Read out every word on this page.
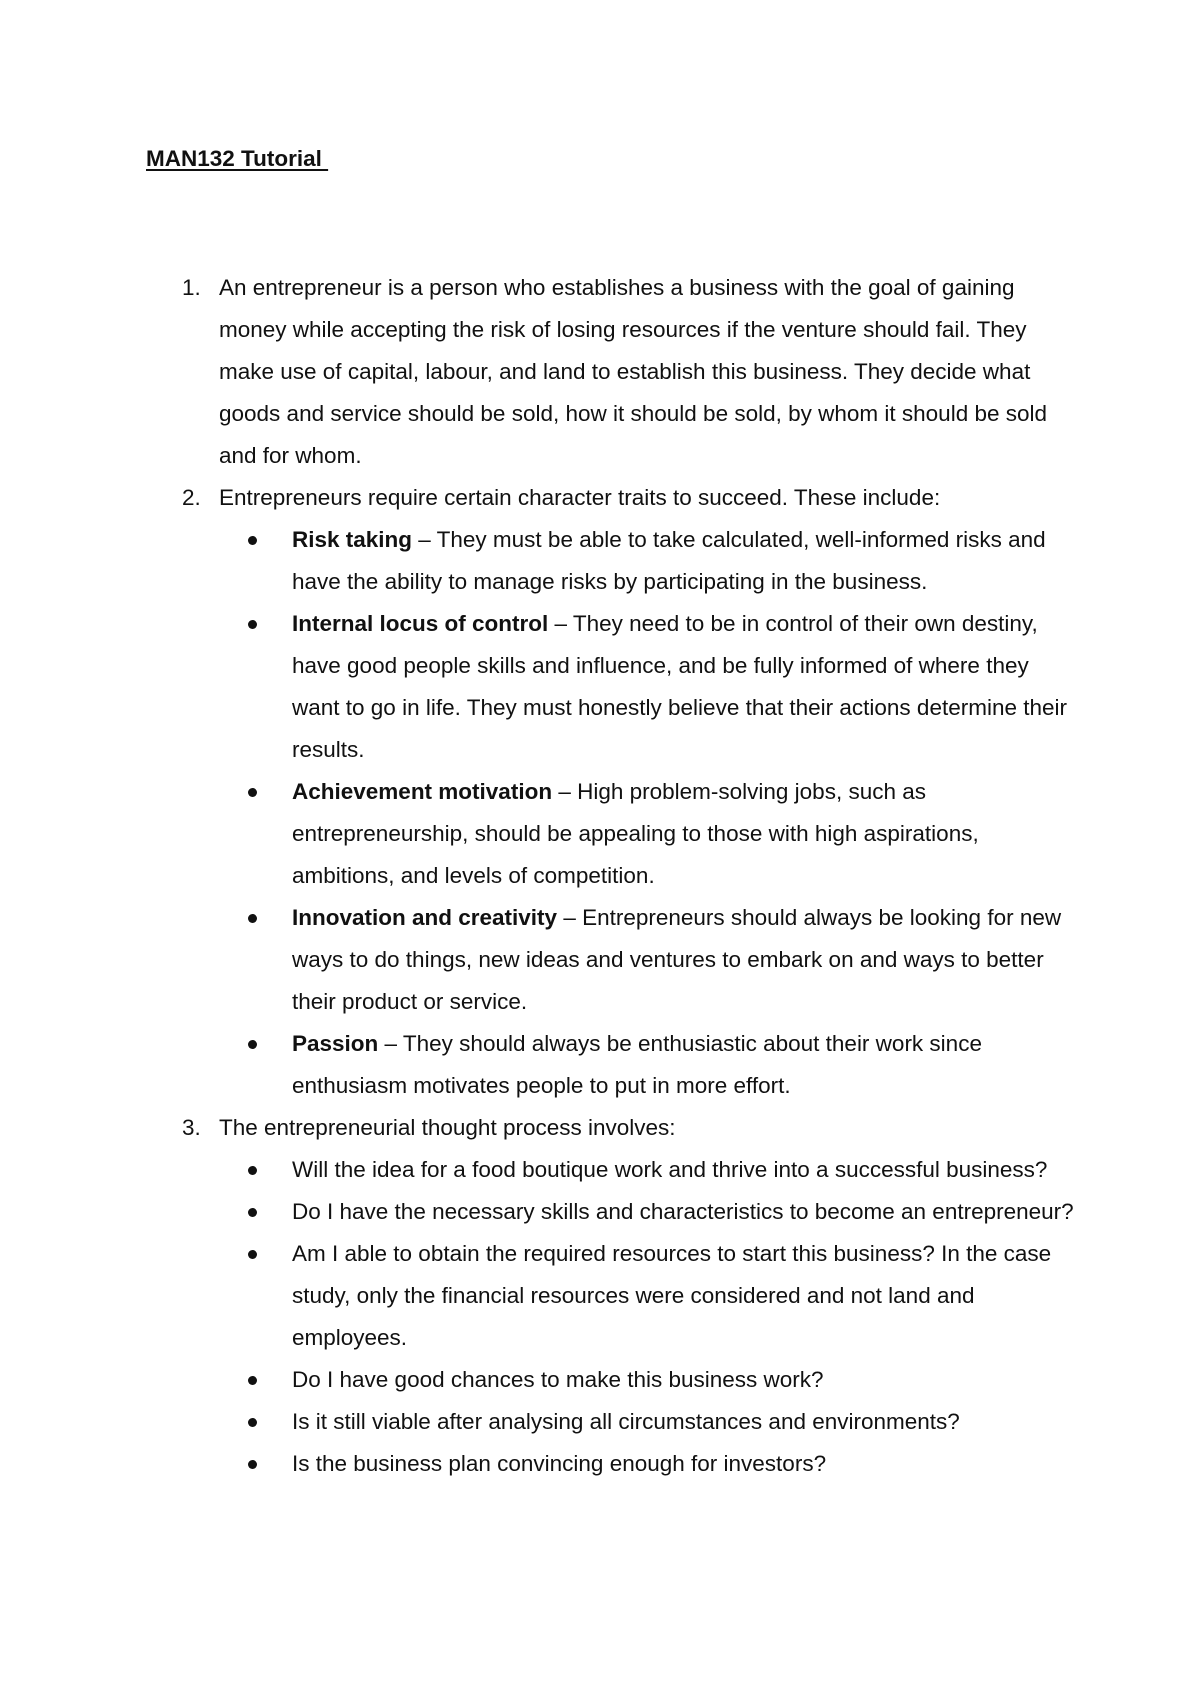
MAN132 Tutorial
1. An entrepreneur is a person who establishes a business with the goal of gaining money while accepting the risk of losing resources if the venture should fail. They make use of capital, labour, and land to establish this business. They decide what goods and service should be sold, how it should be sold, by whom it should be sold and for whom.
2. Entrepreneurs require certain character traits to succeed. These include:
Risk taking – They must be able to take calculated, well-informed risks and have the ability to manage risks by participating in the business.
Internal locus of control – They need to be in control of their own destiny, have good people skills and influence, and be fully informed of where they want to go in life. They must honestly believe that their actions determine their results.
Achievement motivation – High problem-solving jobs, such as entrepreneurship, should be appealing to those with high aspirations, ambitions, and levels of competition.
Innovation and creativity – Entrepreneurs should always be looking for new ways to do things, new ideas and ventures to embark on and ways to better their product or service.
Passion – They should always be enthusiastic about their work since enthusiasm motivates people to put in more effort.
3. The entrepreneurial thought process involves:
Will the idea for a food boutique work and thrive into a successful business?
Do I have the necessary skills and characteristics to become an entrepreneur?
Am I able to obtain the required resources to start this business? In the case study, only the financial resources were considered and not land and employees.
Do I have good chances to make this business work?
Is it still viable after analysing all circumstances and environments?
Is the business plan convincing enough for investors?
